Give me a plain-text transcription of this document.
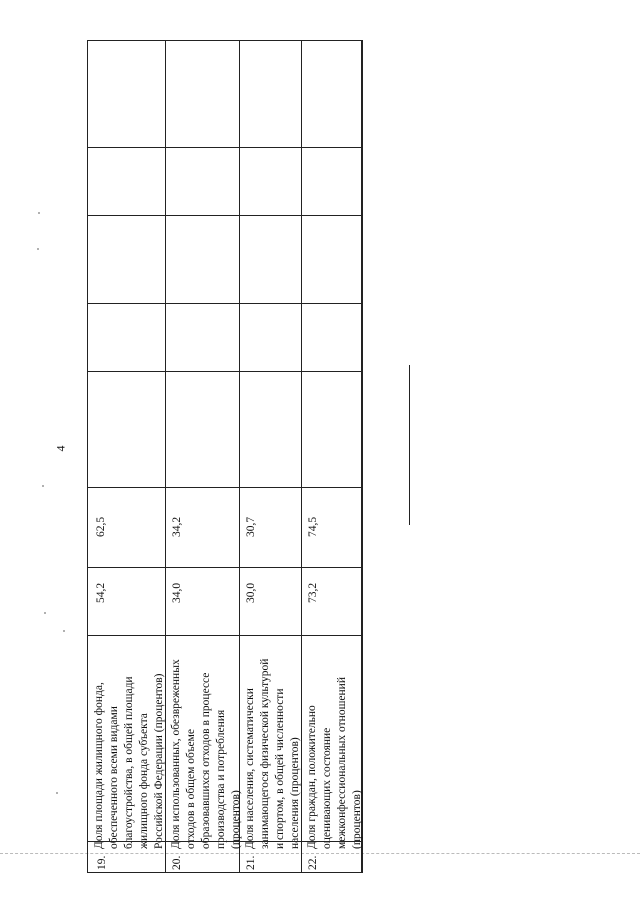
4
19.
Доля площади жилищного фонда,
обеспеченного всеми видами
благоустройства, в общей площади
жилищного фонда субъекта
Российской Федерации (процентов)
54,2
62,5
20.
Доля использованных, обезвреженных
отходов в общем объеме
образовавшихся отходов в процессе
производства и потребления
(процентов)
34,0
34,2
21.
Доля населения, систематически
занимающегося физической культурой
и спортом, в общей численности
населения (процентов)
30,0
30,7
22.
Доля граждан, положительно
оценивающих состояние
межконфессиональных отношений
(процентов)
73,2
74,5
